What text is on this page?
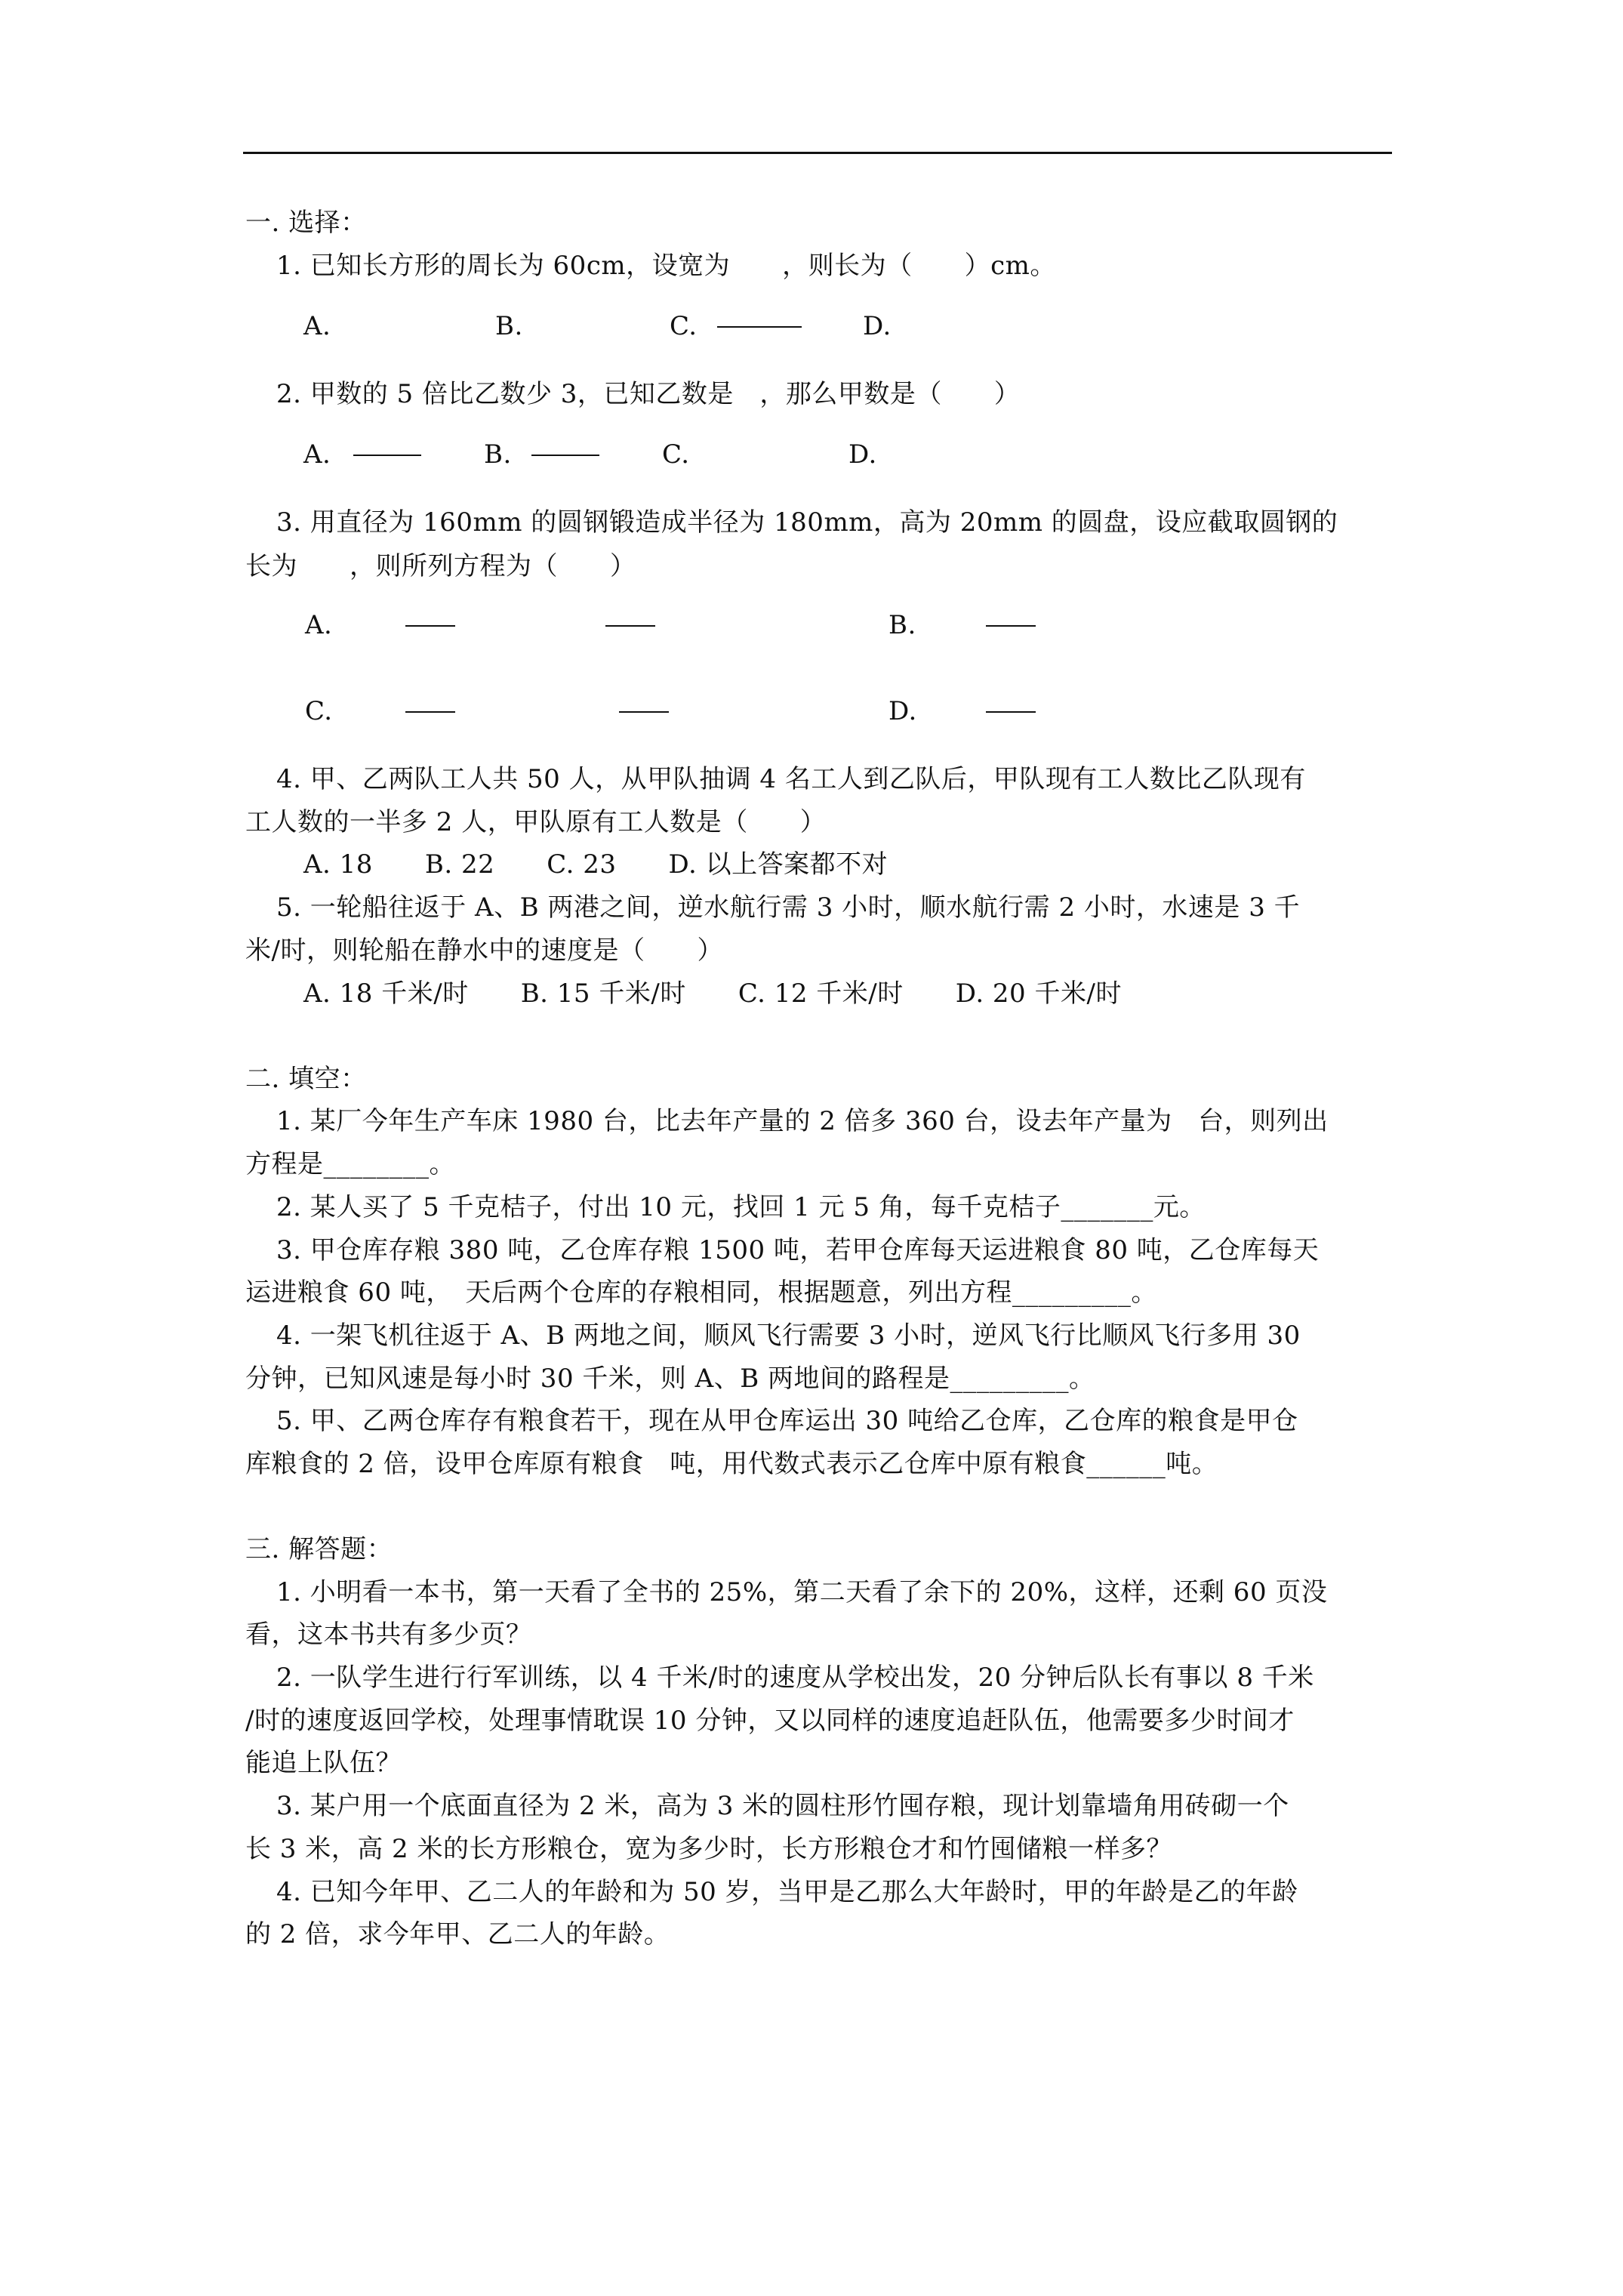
一. 选择：
1. 已知长方形的周长为 60cm，设宽为　　，则长为（　　）cm。
A.	B.	C.	D.
2. 甲数的 5 倍比乙数少 3，已知乙数是　，那么甲数是（　　）
A.	B.	C.	D.
3. 用直径为 160mm 的圆钢锻造成半径为 180mm，高为 20mm 的圆盘，设应截取圆钢的
长为　　，则所列方程为（　　）
A.	B.
C.	D.
4. 甲、乙两队工人共 50 人，从甲队抽调 4 名工人到乙队后，甲队现有工人数比乙队现有
工人数的一半多 2 人，甲队原有工人数是（　　）
A. 18　　B. 22　　C. 23　　D. 以上答案都不对
5. 一轮船往返于 A、B 两港之间，逆水航行需 3 小时，顺水航行需 2 小时，水速是 3 千
米/时，则轮船在静水中的速度是（　　）
A. 18 千米/时　　B. 15 千米/时　　C. 12 千米/时　　D. 20 千米/时
二. 填空：
1. 某厂今年生产车床 1980 台，比去年产量的 2 倍多 360 台，设去年产量为　台，则列出
方程是________。
2. 某人买了 5 千克桔子，付出 10 元，找回 1 元 5 角，每千克桔子_______元。
3. 甲仓库存粮 380 吨，乙仓库存粮 1500 吨，若甲仓库每天运进粮食 80 吨，乙仓库每天
运进粮食 60 吨，　天后两个仓库的存粮相同，根据题意，列出方程_________。
4. 一架飞机往返于 A、B 两地之间，顺风飞行需要 3 小时，逆风飞行比顺风飞行多用 30
分钟，已知风速是每小时 30 千米，则 A、B 两地间的路程是_________。
5. 甲、乙两仓库存有粮食若干，现在从甲仓库运出 30 吨给乙仓库，乙仓库的粮食是甲仓
库粮食的 2 倍，设甲仓库原有粮食　吨，用代数式表示乙仓库中原有粮食______吨。
三. 解答题：
1. 小明看一本书，第一天看了全书的 25%，第二天看了余下的 20%，这样，还剩 60 页没
看，这本书共有多少页？
2. 一队学生进行行军训练，以 4 千米/时的速度从学校出发，20 分钟后队长有事以 8 千米
/时的速度返回学校，处理事情耽误 10 分钟，又以同样的速度追赶队伍，他需要多少时间才
能追上队伍？
3. 某户用一个底面直径为 2 米，高为 3 米的圆柱形竹囤存粮，现计划靠墙角用砖砌一个
长 3 米，高 2 米的长方形粮仓，宽为多少时，长方形粮仓才和竹囤储粮一样多？
4. 已知今年甲、乙二人的年龄和为 50 岁，当甲是乙那么大年龄时，甲的年龄是乙的年龄
的 2 倍，求今年甲、乙二人的年龄。
